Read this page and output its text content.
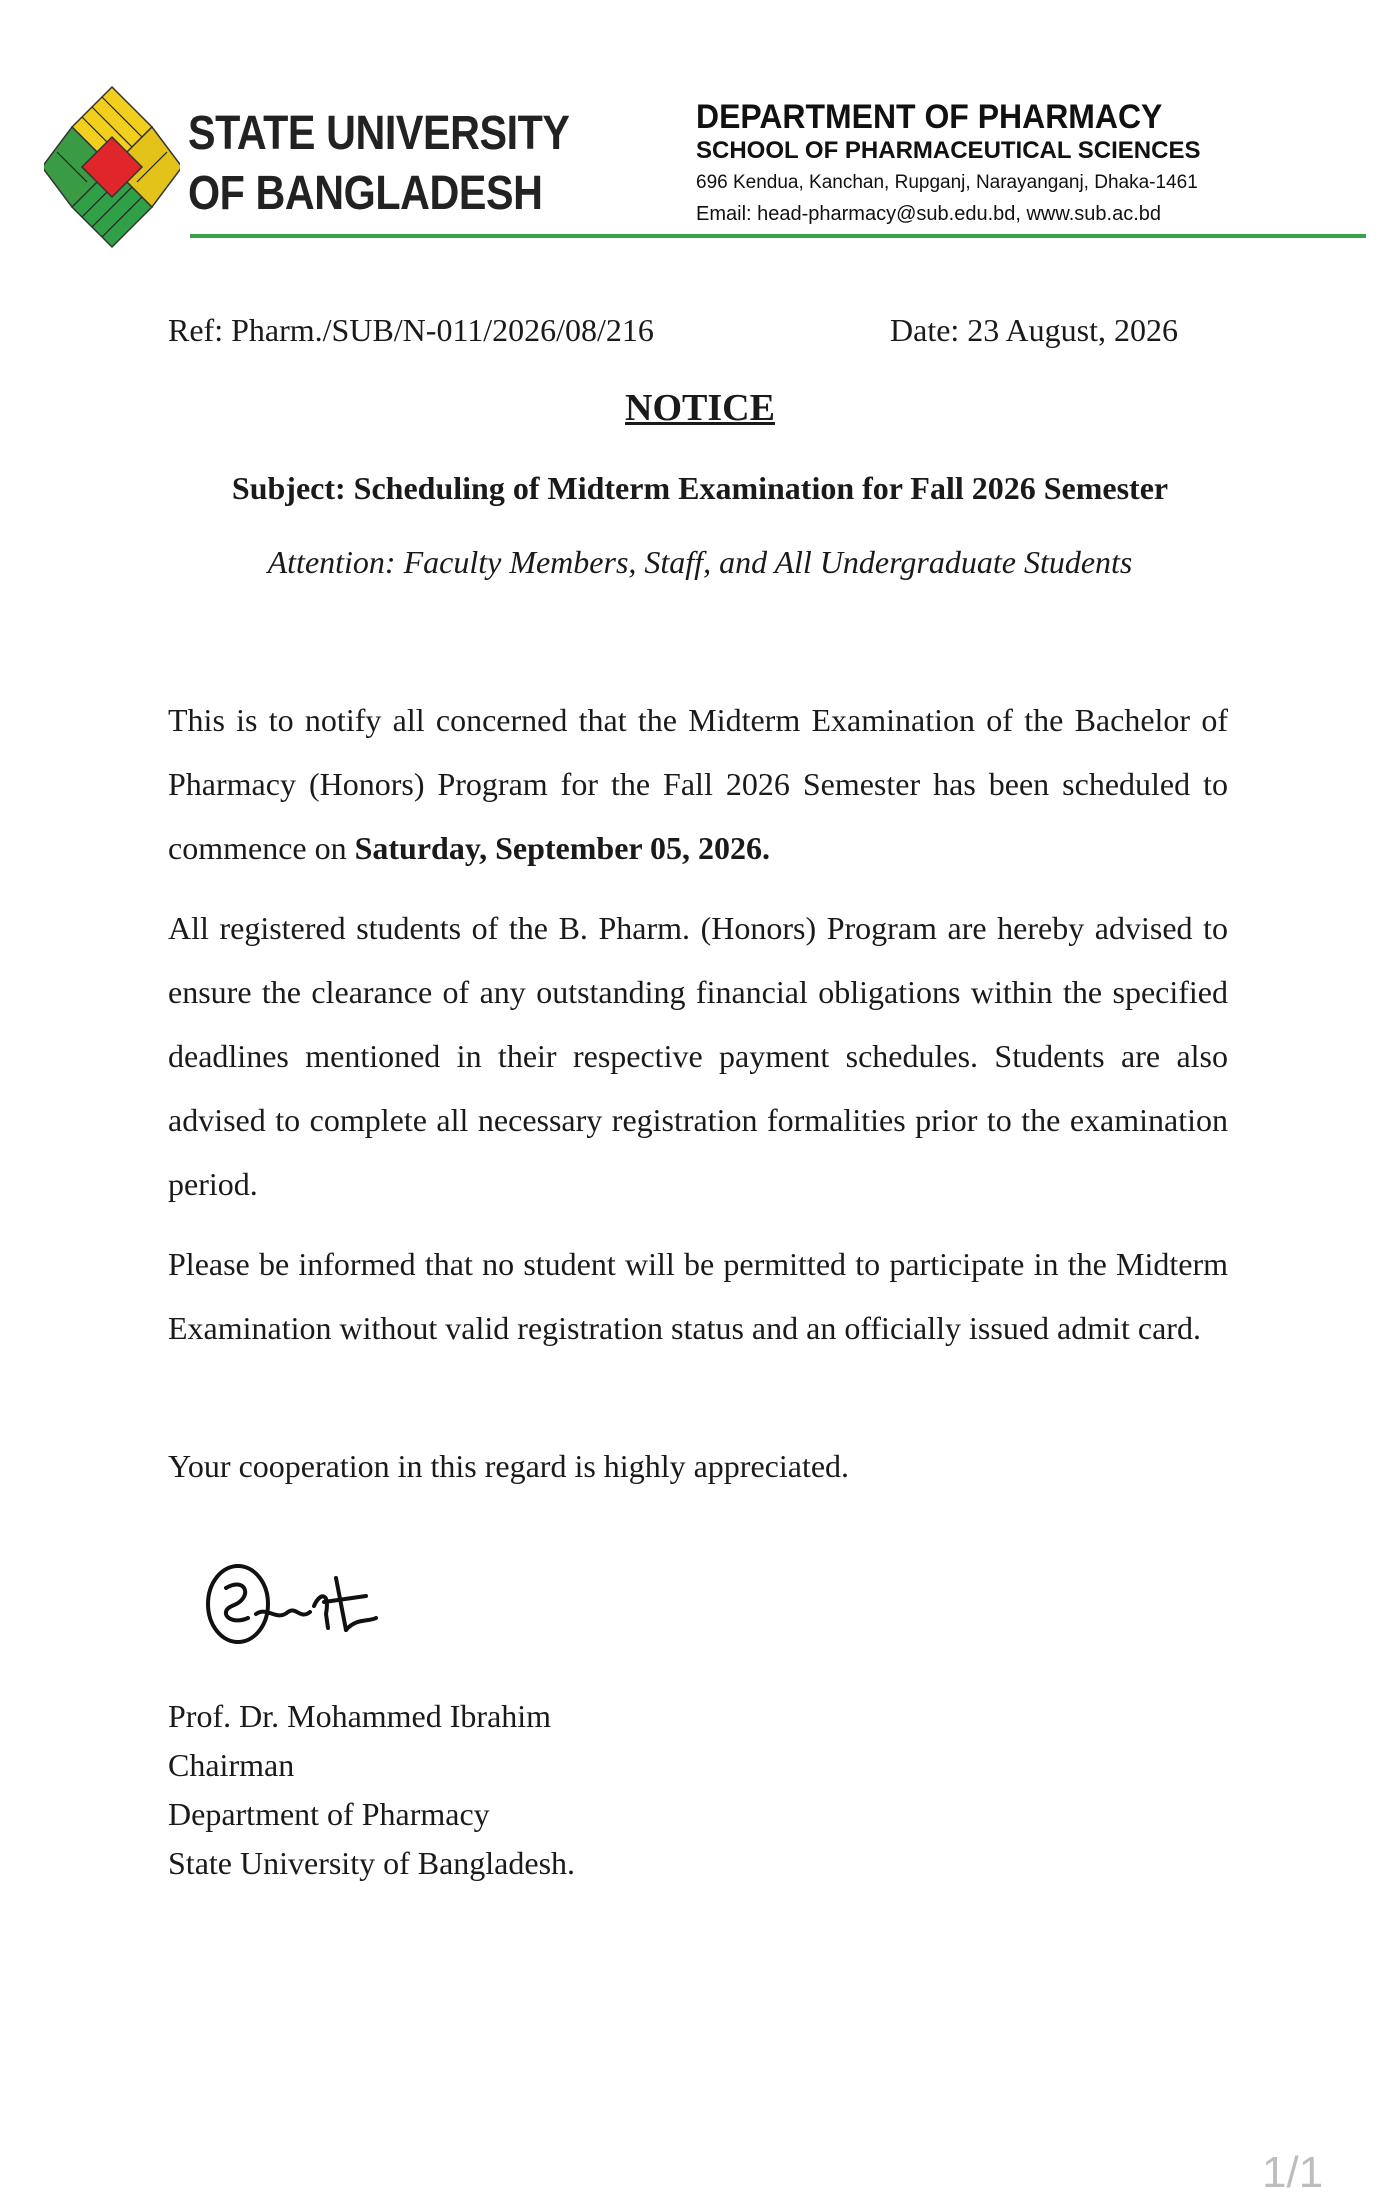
STATE UNIVERSITY
OF BANGLADESH
DEPARTMENT OF PHARMACY
SCHOOL OF PHARMACEUTICAL SCIENCES
696 Kendua, Kanchan, Rupganj, Narayanganj, Dhaka-1461
Email: head-pharmacy@sub.edu.bd, www.sub.ac.bd
Ref: Pharm./SUB/N-011/2026/08/216	Date: 23 August, 2026
NOTICE
Subject: Scheduling of Midterm Examination for Fall 2026 Semester
Attention: Faculty Members, Staff, and All Undergraduate Students

This is to notify all concerned that the Midterm Examination of the Bachelor of Pharmacy (Honors) Program for the Fall 2026 Semester has been scheduled to commence on Saturday, September 05, 2026.

All registered students of the B. Pharm. (Honors) Program are hereby advised to ensure the clearance of any outstanding financial obligations within the specified deadlines mentioned in their respective payment schedules. Students are also advised to complete all necessary registration formalities prior to the examination period.

Please be informed that no student will be permitted to participate in the Midterm Examination without valid registration status and an officially issued admit card.

Your cooperation in this regard is highly appreciated.

Prof. Dr. Mohammed Ibrahim
Chairman
Department of Pharmacy
State University of Bangladesh.
1/1
